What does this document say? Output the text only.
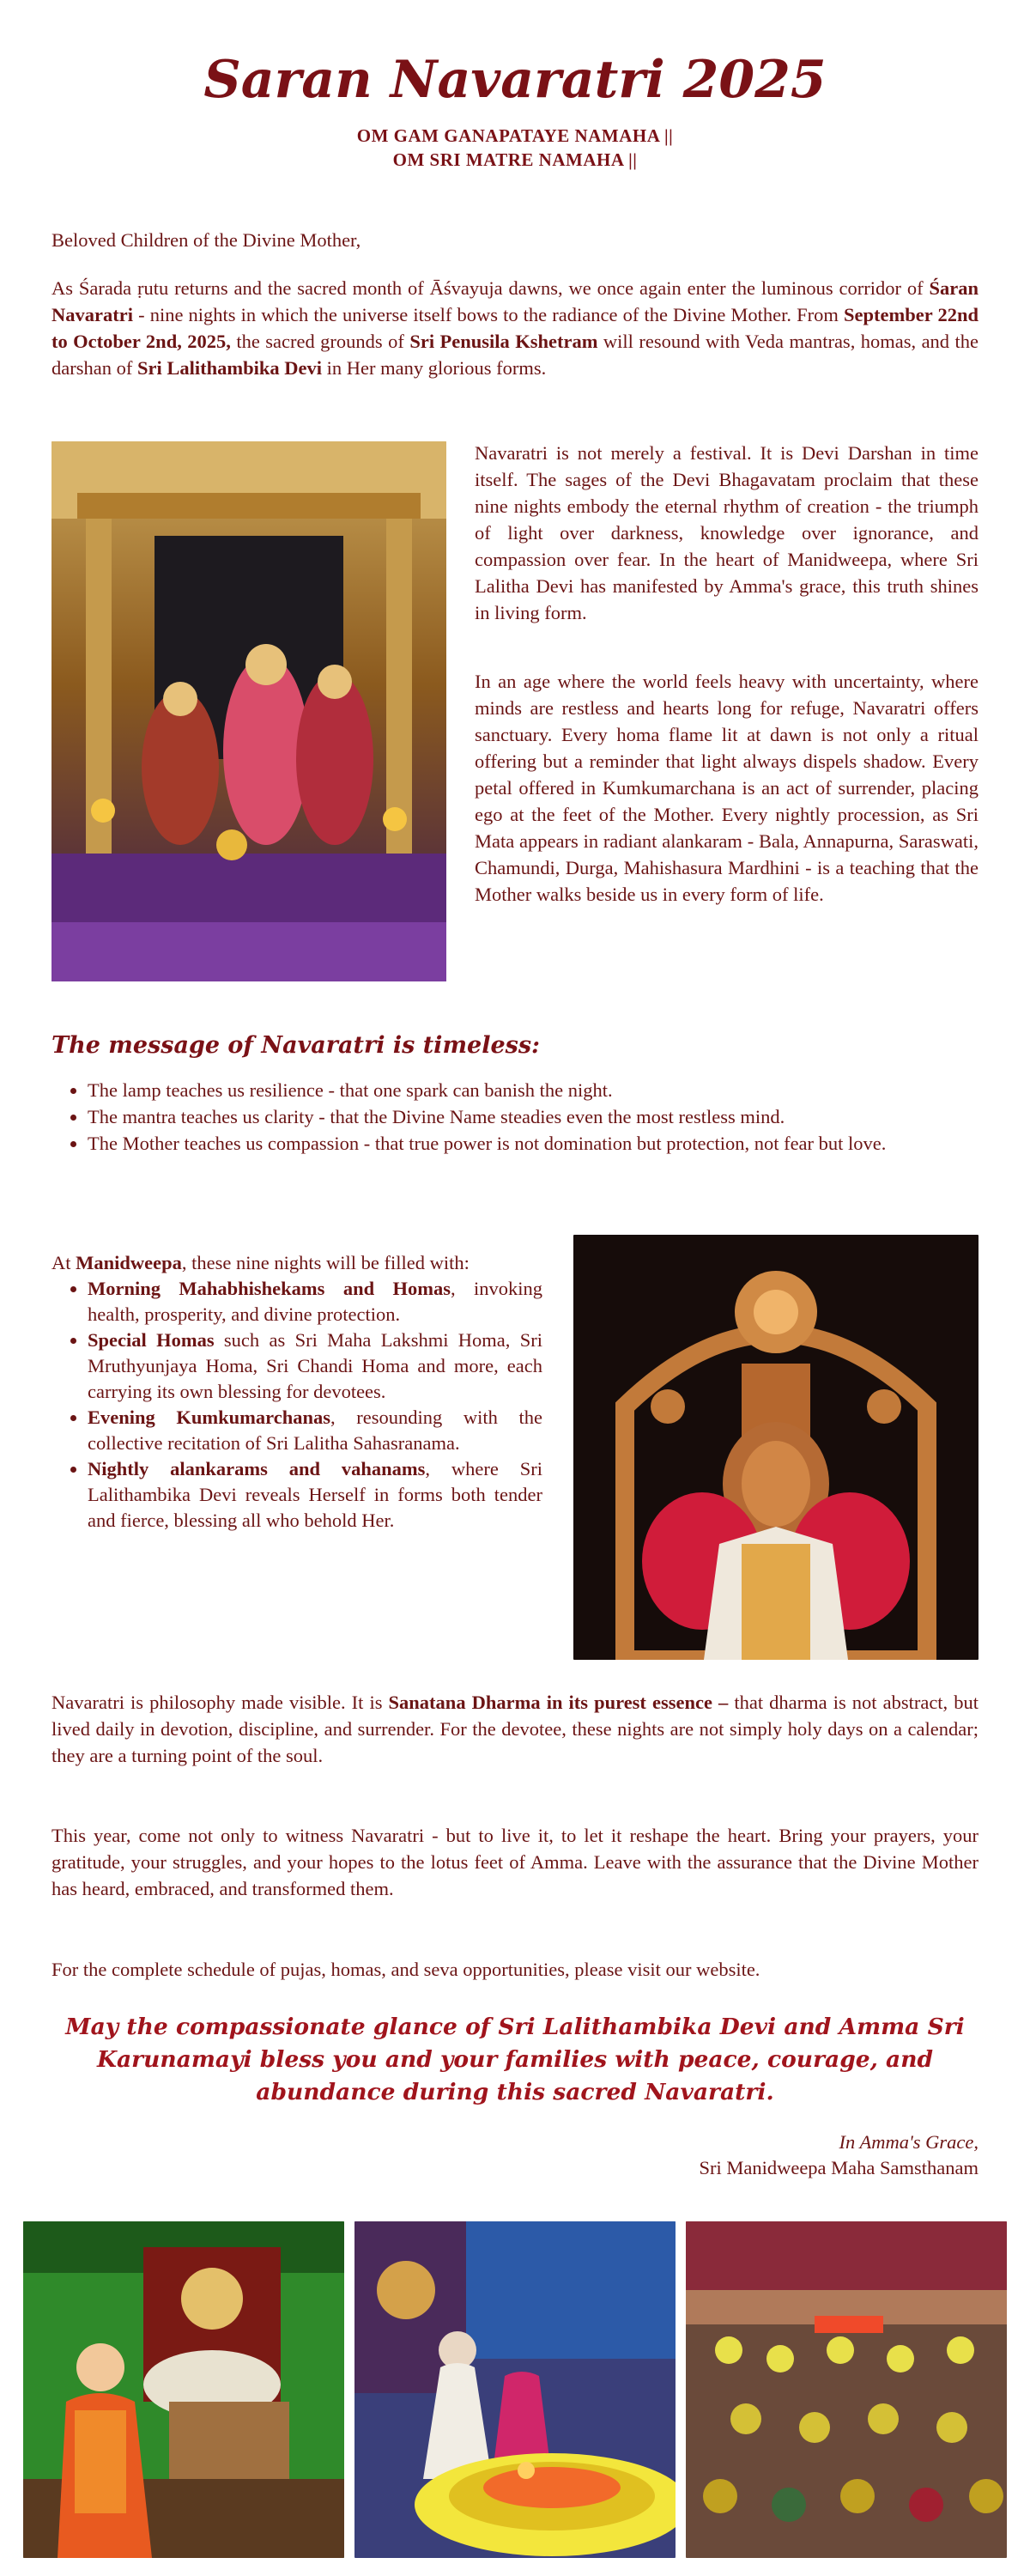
Saran Navaratri 2025
OM GAM GANAPATAYE NAMAHA ||
OM SRI MATRE NAMAHA ||

Beloved Children of the Divine Mother,

As Śarada ṛutu returns and the sacred month of Āśvayuja dawns, we once again enter the luminous corridor of Śaran Navaratri - nine nights in which the universe itself bows to the radiance of the Divine Mother. From September 22nd to October 2nd, 2025, the sacred grounds of Sri Penusila Kshetram will resound with Veda mantras, homas, and the darshan of Sri Lalithambika Devi in Her many glorious forms.

Navaratri is not merely a festival. It is Devi Darshan in time itself. The sages of the Devi Bhagavatam proclaim that these nine nights embody the eternal rhythm of creation - the triumph of light over darkness, knowledge over ignorance, and compassion over fear. In the heart of Manidweepa, where Sri Lalitha Devi has manifested by Amma's grace, this truth shines in living form.

In an age where the world feels heavy with uncertainty, where minds are restless and hearts long for refuge, Navaratri offers sanctuary. Every homa flame lit at dawn is not only a ritual offering but a reminder that light always dispels shadow. Every petal offered in Kumkumarchana is an act of surrender, placing ego at the feet of the Mother. Every nightly procession, as Sri Mata appears in radiant alankaram - Bala, Annapurna, Saraswati, Chamundi, Durga, Mahishasura Mardhini - is a teaching that the Mother walks beside us in every form of life.

The message of Navaratri is timeless:
• The lamp teaches us resilience - that one spark can banish the night.
• The mantra teaches us clarity - that the Divine Name steadies even the most restless mind.
• The Mother teaches us compassion - that true power is not domination but protection, not fear but love.
At Manidweepa, these nine nights will be filled with:
• Morning Mahabhishekams and Homas, invoking health, prosperity, and divine protection.
• Special Homas such as Sri Maha Lakshmi Homa, Sri Mruthyunjaya Homa, Sri Chandi Homa and more, each carrying its own blessing for devotees.
• Evening Kumkumarchanas, resounding with the collective recitation of Sri Lalitha Sahasranama.
• Nightly alankarams and vahanams, where Sri Lalithambika Devi reveals Herself in forms both tender and fierce, blessing all who behold Her.

Navaratri is philosophy made visible. It is Sanatana Dharma in its purest essence – that dharma is not abstract, but lived daily in devotion, discipline, and surrender. For the devotee, these nights are not simply holy days on a calendar; they are a turning point of the soul.

This year, come not only to witness Navaratri - but to live it, to let it reshape the heart. Bring your prayers, your gratitude, your struggles, and your hopes to the lotus feet of Amma. Leave with the assurance that the Divine Mother has heard, embraced, and transformed them.

For the complete schedule of pujas, homas, and seva opportunities, please visit our website.

May the compassionate glance of Sri Lalithambika Devi and Amma Sri Karunamayi bless you and your families with peace, courage, and abundance during this sacred Navaratri.

In Amma's Grace,
Sri Manidweepa Maha Samsthanam
